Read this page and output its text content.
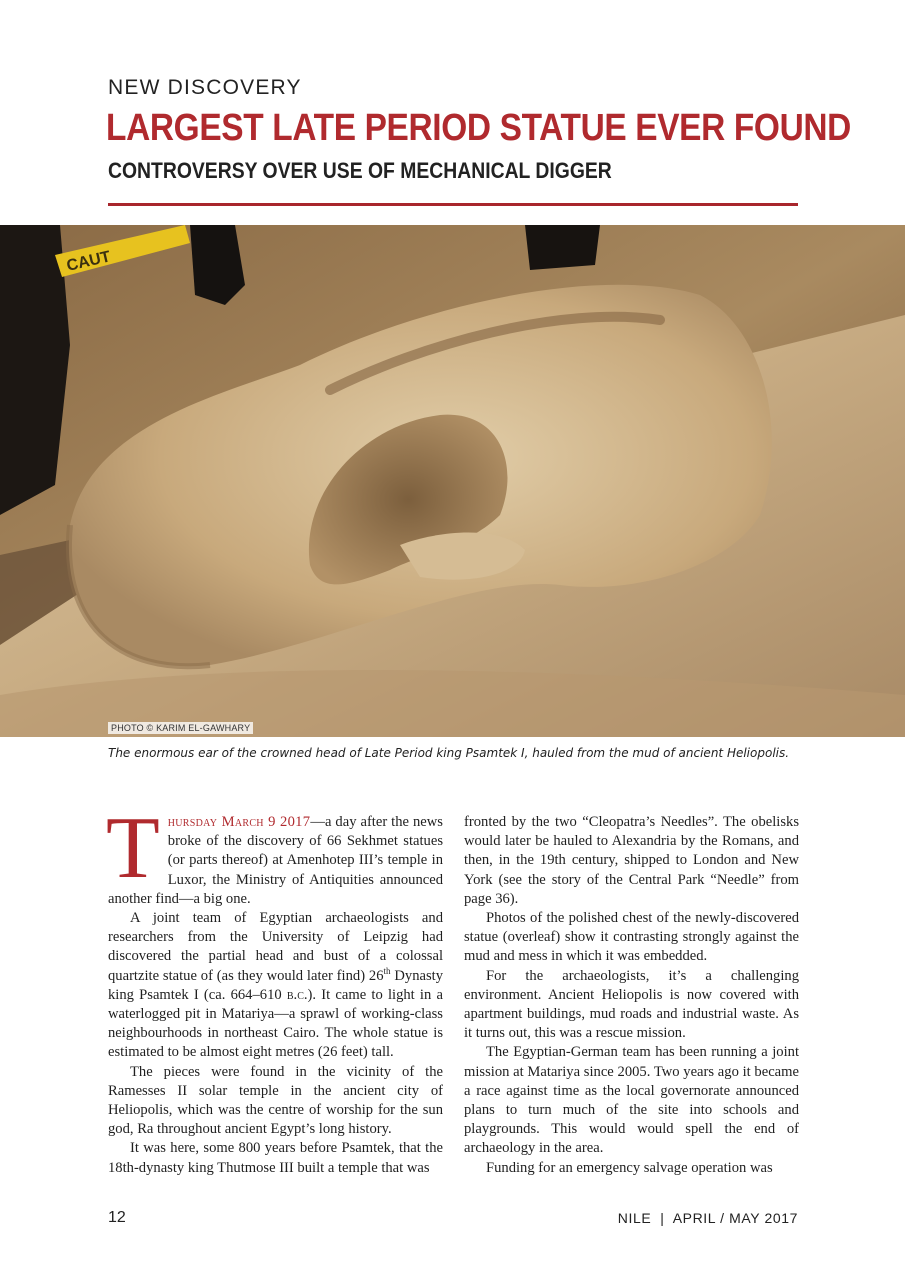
NEW DISCOVERY
LARGEST LATE PERIOD STATUE EVER FOUND
CONTROVERSY OVER USE OF MECHANICAL DIGGER
CAUT
PHOTO © KARIM EL-GAWHARY
The enormous ear of the crowned head of Late Period king Psamtek I, hauled from the mud of ancient Heliopolis.

Thursday March 9 2017—a day after the news broke of the discovery of 66 Sekhmet statues (or parts thereof) at Amenhotep III’s temple in Luxor, the Ministry of Antiquities announced another find—a big one.

A joint team of Egyptian archaeologists and researchers from the University of Leipzig had discovered the partial head and bust of a colossal quartzite statue of (as they would later find) 26th Dynasty king Psamtek I (ca. 664–610 b.c.). It came to light in a waterlogged pit in Matariya—a sprawl of working-class neighbourhoods in northeast Cairo. The whole statue is estimated to be almost eight metres (26 feet) tall.

The pieces were found in the vicinity of the Ramesses II solar temple in the ancient city of Heliopolis, which was the centre of worship for the sun god, Ra throughout ancient Egypt’s long history.

It was here, some 800 years before Psamtek, that the 18th-dynasty king Thutmose III built a temple that was

fronted by the two “Cleopatra’s Needles”. The obelisks would later be hauled to Alexandria by the Romans, and then, in the 19th century, shipped to London and New York (see the story of the Central Park “Needle” from page 36).

Photos of the polished chest of the newly-discovered statue (overleaf) show it contrasting strongly against the mud and mess in which it was embedded.

For the archaeologists, it’s a challenging environment. Ancient Heliopolis is now covered with apartment buildings, mud roads and industrial waste. As it turns out, this was a rescue mission.

The Egyptian-German team has been running a joint mission at Matariya since 2005. Two years ago it became a race against time as the local governorate announced plans to turn much of the site into schools and playgrounds. This would would spell the end of archaeology in the area.

Funding for an emergency salvage operation was

12	NILE  |  APRIL / MAY 2017
